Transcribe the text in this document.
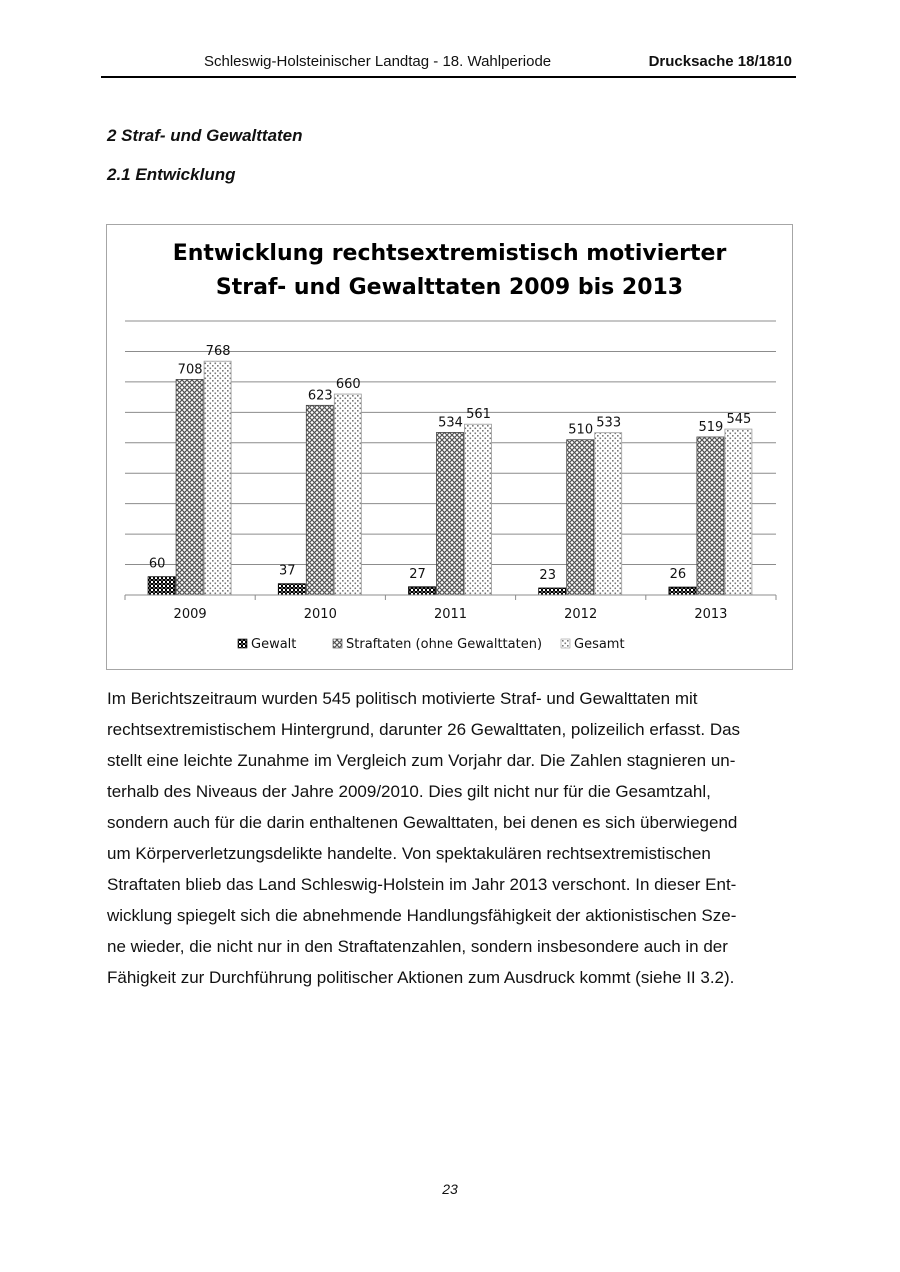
Schleswig-Holsteinischer Landtag - 18. Wahlperiode	Drucksache 18/1810
2 Straf- und Gewalttaten
2.1 Entwicklung
Entwicklung rechtsextremistisch motivierter
Straf- und Gewalttaten 2009 bis 2013
60
708
768
37
623
660
27
534
561
23
510 533
26
519
545
2009	2010	2011	2012	2013
Gewalt	Straftaten (ohne Gewalttaten) Gesamt
Im Berichtszeitraum wurden 545 politisch motivierte Straf- und Gewalttaten mit
rechtsextremistischem Hintergrund, darunter 26 Gewalttaten, polizeilich erfasst. Das
stellt eine leichte Zunahme im Vergleich zum Vorjahr dar. Die Zahlen stagnieren un-
terhalb des Niveaus der Jahre 2009/2010. Dies gilt nicht nur für die Gesamtzahl,
sondern auch für die darin enthaltenen Gewalttaten, bei denen es sich überwiegend
um Körperverletzungsdelikte handelte. Von spektakulären rechtsextremistischen
Straftaten blieb das Land Schleswig-Holstein im Jahr 2013 verschont. In dieser Ent-
wicklung spiegelt sich die abnehmende Handlungsfähigkeit der aktionistischen Sze-
ne wieder, die nicht nur in den Straftatenzahlen, sondern insbesondere auch in der
Fähigkeit zur Durchführung politischer Aktionen zum Ausdruck kommt (siehe II 3.2).
23
